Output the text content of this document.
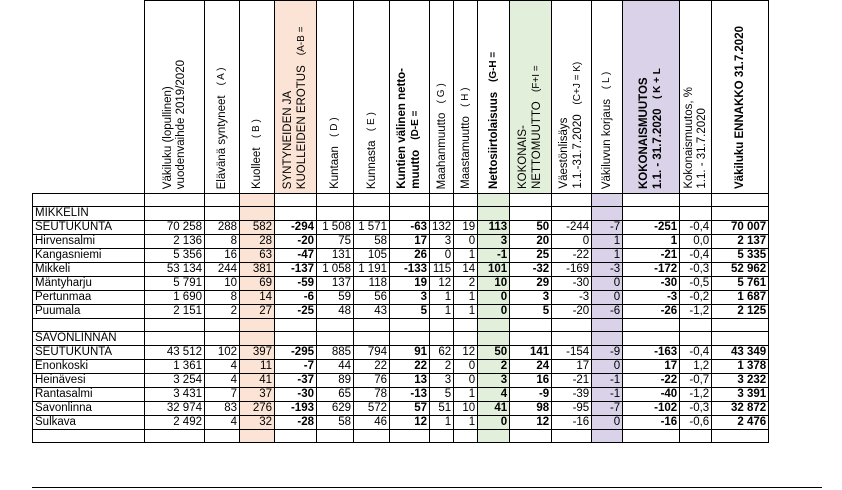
	Väkiluku (lopullinen)
vuodenvaihde 2019/2020	Elävänä syntyneet   ( A )	Kuolleet   ( B )	SYNTYNEIDEN JA
KUOLLEIDEN EROTUS   (A-B =	Kuntaan   ( D )	Kunnasta   ( E )	Kuntien välinen netto-
muutto   (D-E =	Maahanmuutto   ( G )	Maastamuutto   ( H )	Nettosiirtolaisuus   (G-H =	KOKONAIS-
NETTOMUUTTO   (F+I =	Väestönlisäys
1.1.-31.7.2020   (C+J = K)	Väkiluvun korjaus   ( L )	KOKONAISMUUTOS
1.1. - 31.7.2020   ( K + L	Kokonaismuutos, %
1.1. - 31.7.2020	Väkiluku ENNAKKO 31.7.2020

MIKKELIN																
SEUTUKUNTA	70 258	288	582	-294	1 508	1 571	-63	132	19	113	50	-244	-7	-251	-0,4	70 007
Hirvensalmi	2 136	8	28	-20	75	58	17	3	0	3	20	0	1	1	0,0	2 137
Kangasniemi	5 356	16	63	-47	131	105	26	0	1	-1	25	-22	1	-21	-0,4	5 335
Mikkeli	53 134	244	381	-137	1 058	1 191	-133	115	14	101	-32	-169	-3	-172	-0,3	52 962
Mäntyharju	5 791	10	69	-59	137	118	19	12	2	10	29	-30	0	-30	-0,5	5 761
Pertunmaa	1 690	8	14	-6	59	56	3	1	1	0	3	-3	0	-3	-0,2	1 687
Puumala	2 151	2	27	-25	48	43	5	1	1	0	5	-20	-6	-26	-1,2	2 125

SAVONLINNAN																
SEUTUKUNTA	43 512	102	397	-295	885	794	91	62	12	50	141	-154	-9	-163	-0,4	43 349
Enonkoski	1 361	4	11	-7	44	22	22	2	0	2	24	17	0	17	1,2	1 378
Heinävesi	3 254	4	41	-37	89	76	13	3	0	3	16	-21	-1	-22	-0,7	3 232
Rantasalmi	3 431	7	37	-30	65	78	-13	5	1	4	-9	-39	-1	-40	-1,2	3 391
Savonlinna	32 974	83	276	-193	629	572	57	51	10	41	98	-95	-7	-102	-0,3	32 872
Sulkava	2 492	4	32	-28	58	46	12	1	1	0	12	-16	0	-16	-0,6	2 476
